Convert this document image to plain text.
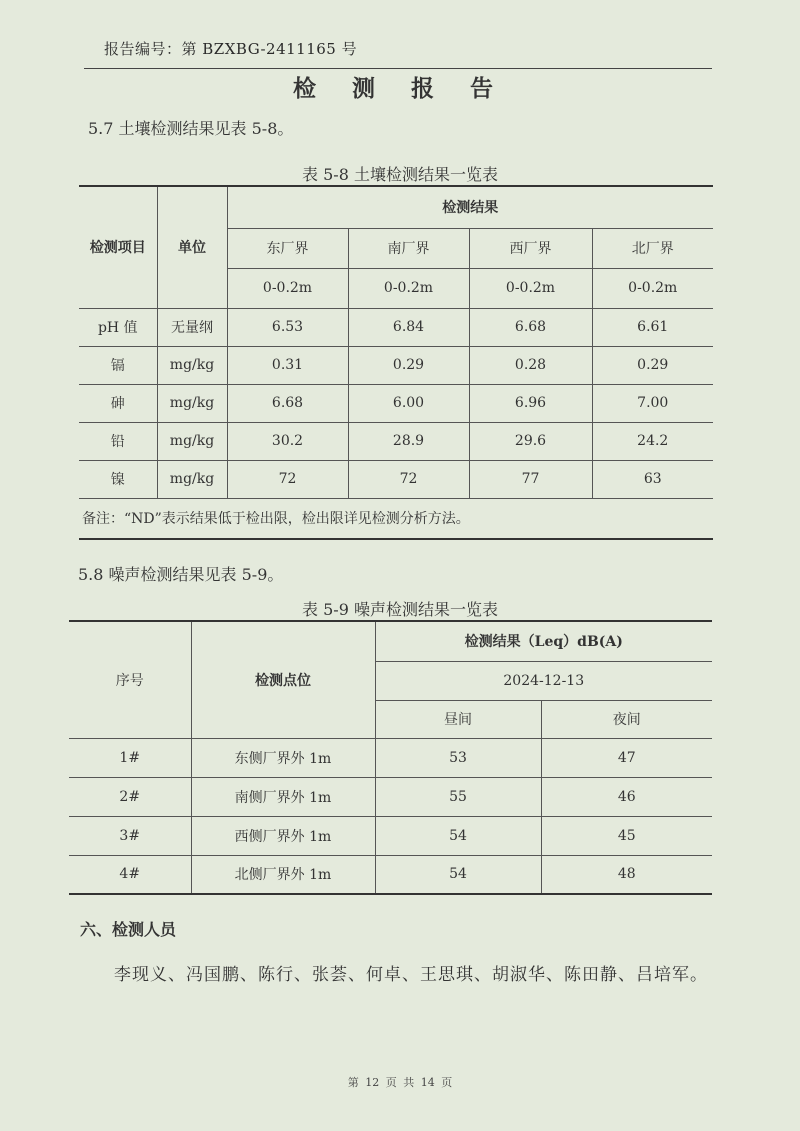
报告编号：第 BZXBG-2411165 号
检 测 报 告
5.7 土壤检测结果见表 5-8。
表 5-8 土壤检测结果一览表
检测项目	单位	检测结果			
		东厂界	南厂界	西厂界	北厂界
		0-0.2m	0-0.2m	0-0.2m	0-0.2m
pH 值	无量纲	6.53	6.84	6.68	6.61
镉	mg/kg	0.31	0.29	0.28	0.29
砷	mg/kg	6.68	6.00	6.96	7.00
铅	mg/kg	30.2	28.9	29.6	24.2
镍	mg/kg	72	72	77	63
备注：“ND”表示结果低于检出限，检出限详见检测分析方法。
5.8 噪声检测结果见表 5-9。
表 5-9 噪声检测结果一览表
序号	检测点位	检测结果（Leq）dB(A)	
		2024-12-13	
		昼间	夜间
1#	东侧厂界外 1m	53	47
2#	南侧厂界外 1m	55	46
3#	西侧厂界外 1m	54	45
4#	北侧厂界外 1m	54	48
六、检测人员
李现义、冯国鹏、陈行、张荟、何卓、王思琪、胡淑华、陈田静、吕培军。
第 12 页 共 14 页
